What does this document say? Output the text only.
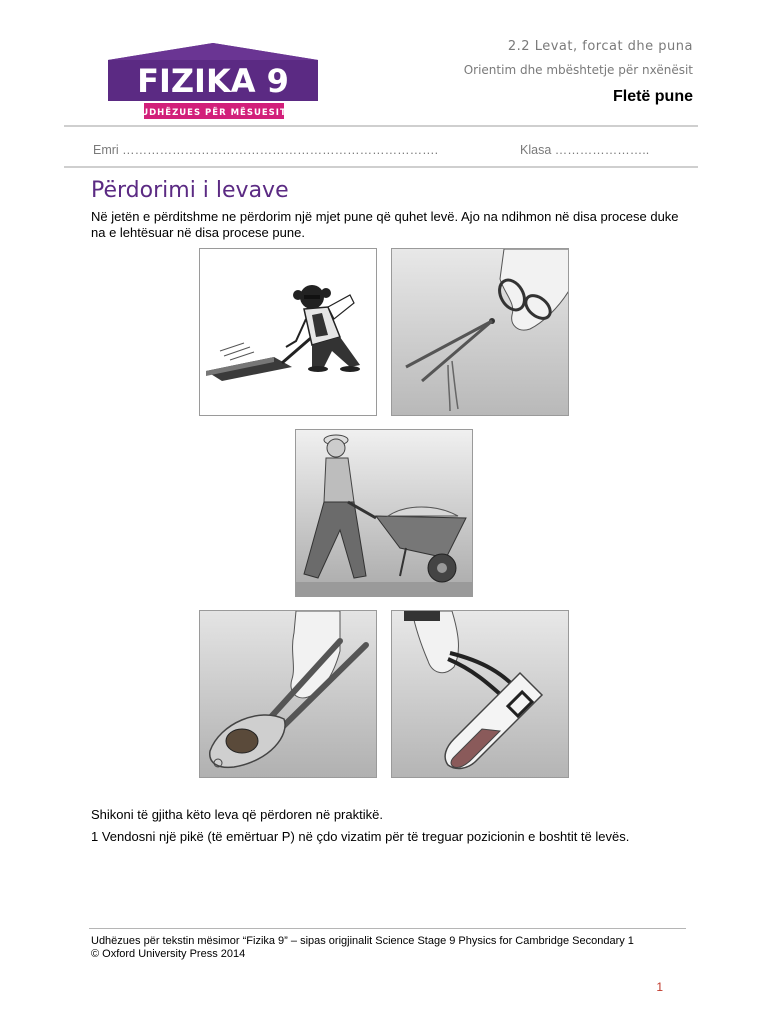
FIZIKA 9
UDHËZUES PËR MËSUESIT
2.2 Levat, forcat dhe puna
Orientim dhe mbështetje për nxënësit
Fletë pune
Emri ………………………………………………………………….	Klasa …………………..
Përdorimi i levave
Në jetën e përditshme ne përdorim një mjet pune që quhet levë. Ajo na ndihmon në disa procese duke na e lehtësuar në disa procese pune.
Shikoni të gjitha këto leva që përdoren në praktikë.
1 Vendosni një pikë (të emërtuar P) në çdo vizatim për të treguar pozicionin e boshtit të levës.
Udhëzues për tekstin mësimor “Fizika 9” – sipas origjinalit Science Stage 9 Physics for Cambridge Secondary 1
© Oxford University Press 2014
1
